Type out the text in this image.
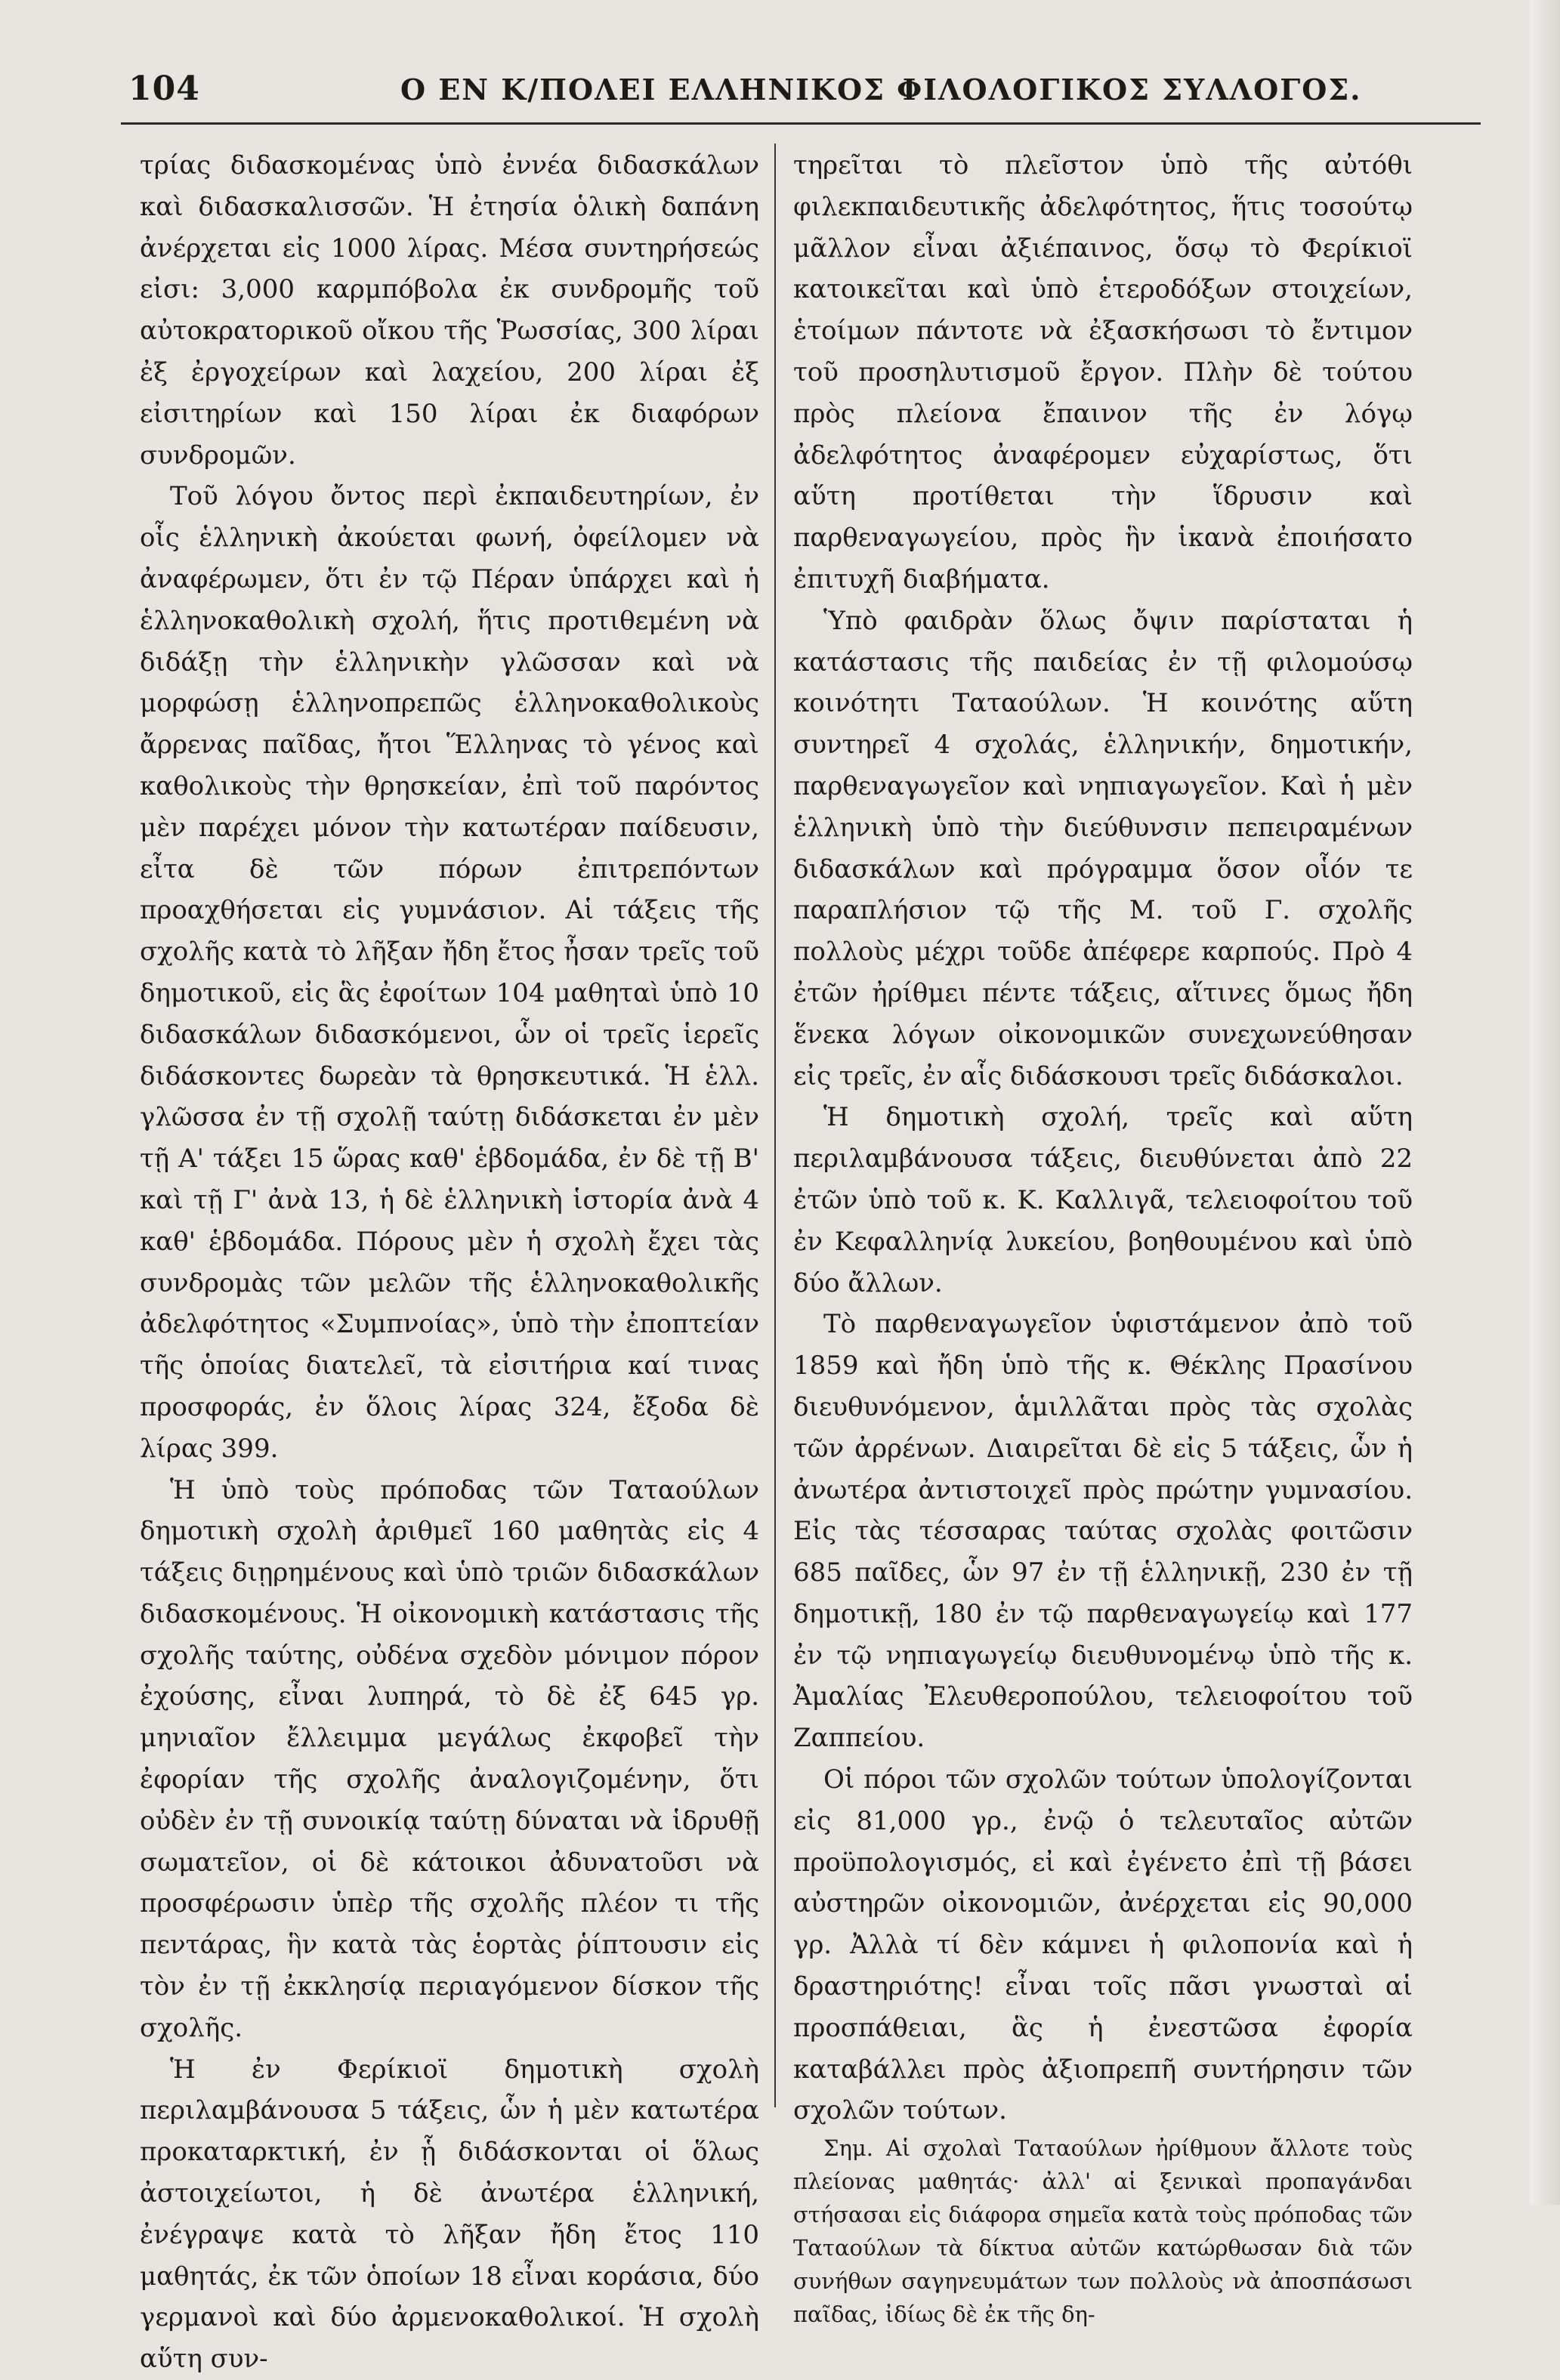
104	Ο ΕΝ Κ/ΠΟΛΕΙ ΕΛΛΗΝΙΚΟΣ ΦΙΛΟΛΟΓΙΚΟΣ ΣΥΛΛΟΓΟΣ.

τρίας διδασκομένας ὑπὸ ἐννέα διδασκάλων καὶ διδασκαλισσῶν. Ἡ ἐτησία ὁλικὴ δαπάνη ἀνέρχεται εἰς 1000 λίρας. Μέσα συντηρήσεώς εἰσι: 3,000 καρμπόβολα ἐκ συνδρομῆς τοῦ αὐτοκρατορικοῦ οἴκου τῆς Ῥωσσίας, 300 λίραι ἐξ ἐργοχείρων καὶ λαχείου, 200 λίραι ἐξ εἰσιτηρίων καὶ 150 λίραι ἐκ διαφόρων συνδρομῶν.

Τοῦ λόγου ὄντος περὶ ἐκπαιδευτηρίων, ἐν οἷς ἑλληνικὴ ἀκούεται φωνή, ὀφείλομεν νὰ ἀναφέρωμεν, ὅτι ἐν τῷ Πέραν ὑπάρχει καὶ ἡ ἑλληνοκαθολικὴ σχολή, ἥτις προτιθεμένη νὰ διδάξῃ τὴν ἑλληνικὴν γλῶσσαν καὶ νὰ μορφώσῃ ἑλληνοπρεπῶς ἑλληνοκαθολικοὺς ἄρρενας παῖδας, ἤτοι Ἕλληνας τὸ γένος καὶ καθολικοὺς τὴν θρησκείαν, ἐπὶ τοῦ παρόντος μὲν παρέχει μόνον τὴν κατωτέραν παίδευσιν, εἶτα δὲ τῶν πόρων ἐπιτρεπόντων προαχθήσεται εἰς γυμνάσιον. Αἱ τάξεις τῆς σχολῆς κατὰ τὸ λῆξαν ἤδη ἔτος ἦσαν τρεῖς τοῦ δημοτικοῦ, εἰς ἃς ἐφοίτων 104 μαθηταὶ ὑπὸ 10 διδασκάλων διδασκόμενοι, ὧν οἱ τρεῖς ἱερεῖς διδάσκοντες δωρεὰν τὰ θρησκευτικά. Ἡ ἑλλ. γλῶσσα ἐν τῇ σχολῇ ταύτῃ διδάσκεται ἐν μὲν τῇ Α' τάξει 15 ὥρας καθ' ἑβδομάδα, ἐν δὲ τῇ Β' καὶ τῇ Γ' ἀνὰ 13, ἡ δὲ ἑλληνικὴ ἱστορία ἀνὰ 4 καθ' ἑβδομάδα. Πόρους μὲν ἡ σχολὴ ἔχει τὰς συνδρομὰς τῶν μελῶν τῆς ἑλληνοκαθολικῆς ἀδελφότητος «Συμπνοίας», ὑπὸ τὴν ἐποπτείαν τῆς ὁποίας διατελεῖ, τὰ εἰσιτήρια καί τινας προσφοράς, ἐν ὅλοις λίρας 324, ἔξοδα δὲ λίρας 399.

Ἡ ὑπὸ τοὺς πρόποδας τῶν Ταταούλων δημοτικὴ σχολὴ ἀριθμεῖ 160 μαθητὰς εἰς 4 τάξεις διῃρημένους καὶ ὑπὸ τριῶν διδασκάλων διδασκομένους. Ἡ οἰκονομικὴ κατάστασις τῆς σχολῆς ταύτης, οὐδένα σχεδὸν μόνιμον πόρον ἐχούσης, εἶναι λυπηρά, τὸ δὲ ἐξ 645 γρ. μηνιαῖον ἔλλειμμα μεγάλως ἐκφοβεῖ τὴν ἐφορίαν τῆς σχολῆς ἀναλογιζομένην, ὅτι οὐδὲν ἐν τῇ συνοικίᾳ ταύτῃ δύναται νὰ ἱδρυθῇ σωματεῖον, οἱ δὲ κάτοικοι ἀδυνατοῦσι νὰ προσφέρωσιν ὑπὲρ τῆς σχολῆς πλέον τι τῆς πεντάρας, ἣν κατὰ τὰς ἑορτὰς ῥίπτουσιν εἰς τὸν ἐν τῇ ἐκκλησίᾳ περιαγόμενον δίσκον τῆς σχολῆς.

Ἡ ἐν Φερίκιοϊ δημοτικὴ σχολὴ περιλαμβάνουσα 5 τάξεις, ὧν ἡ μὲν κατωτέρα προκαταρκτική, ἐν ᾗ διδάσκονται οἱ ὅλως ἀστοιχείωτοι, ἡ δὲ ἀνωτέρα ἑλληνική, ἐνέγραψε κατὰ τὸ λῆξαν ἤδη ἔτος 110 μαθητάς, ἐκ τῶν ὁποίων 18 εἶναι κοράσια, δύο γερμανοὶ καὶ δύο ἀρμενοκαθολικοί. Ἡ σχολὴ αὕτη συν-

τηρεῖται τὸ πλεῖστον ὑπὸ τῆς αὐτόθι φιλεκπαιδευτικῆς ἀδελφότητος, ἥτις τοσούτῳ μᾶλλον εἶναι ἀξιέπαινος, ὅσῳ τὸ Φερίκιοϊ κατοικεῖται καὶ ὑπὸ ἑτεροδόξων στοιχείων, ἑτοίμων πάντοτε νὰ ἐξασκήσωσι τὸ ἔντιμον τοῦ προσηλυτισμοῦ ἔργον. Πλὴν δὲ τούτου πρὸς πλείονα ἔπαινον τῆς ἐν λόγῳ ἀδελφότητος ἀναφέρομεν εὐχαρίστως, ὅτι αὕτη προτίθεται τὴν ἵδρυσιν καὶ παρθεναγωγείου, πρὸς ἣν ἱκανὰ ἐποιήσατο ἐπιτυχῆ διαβήματα.

Ὑπὸ φαιδρὰν ὅλως ὄψιν παρίσταται ἡ κατάστασις τῆς παιδείας ἐν τῇ φιλομούσῳ κοινότητι Ταταούλων. Ἡ κοινότης αὕτη συντηρεῖ 4 σχολάς, ἑλληνικήν, δημοτικήν, παρθεναγωγεῖον καὶ νηπιαγωγεῖον. Καὶ ἡ μὲν ἑλληνικὴ ὑπὸ τὴν διεύθυνσιν πεπειραμένων διδασκάλων καὶ πρόγραμμα ὅσον οἷόν τε παραπλήσιον τῷ τῆς Μ. τοῦ Γ. σχολῆς πολλοὺς μέχρι τοῦδε ἀπέφερε καρπούς. Πρὸ 4 ἐτῶν ἠρίθμει πέντε τάξεις, αἵτινες ὅμως ἤδη ἕνεκα λόγων οἰκονομικῶν συνεχωνεύθησαν εἰς τρεῖς, ἐν αἷς διδάσκουσι τρεῖς διδάσκαλοι.

Ἡ δημοτικὴ σχολή, τρεῖς καὶ αὕτη περιλαμβάνουσα τάξεις, διευθύνεται ἀπὸ 22 ἐτῶν ὑπὸ τοῦ κ. Κ. Καλλιγᾶ, τελειοφοίτου τοῦ ἐν Κεφαλληνίᾳ λυκείου, βοηθουμένου καὶ ὑπὸ δύο ἄλλων.

Τὸ παρθεναγωγεῖον ὑφιστάμενον ἀπὸ τοῦ 1859 καὶ ἤδη ὑπὸ τῆς κ. Θέκλης Πρασίνου διευθυνόμενον, ἁμιλλᾶται πρὸς τὰς σχολὰς τῶν ἀρρένων. Διαιρεῖται δὲ εἰς 5 τάξεις, ὧν ἡ ἀνωτέρα ἀντιστοιχεῖ πρὸς πρώτην γυμνασίου. Εἰς τὰς τέσσαρας ταύτας σχολὰς φοιτῶσιν 685 παῖδες, ὧν 97 ἐν τῇ ἑλληνικῇ, 230 ἐν τῇ δημοτικῇ, 180 ἐν τῷ παρθεναγωγείῳ καὶ 177 ἐν τῷ νηπιαγωγείῳ διευθυνομένῳ ὑπὸ τῆς κ. Ἀμαλίας Ἐλευθεροπούλου, τελειοφοίτου τοῦ Ζαππείου.

Οἱ πόροι τῶν σχολῶν τούτων ὑπολογίζονται εἰς 81,000 γρ., ἐνῷ ὁ τελευταῖος αὐτῶν προϋπολογισμός, εἰ καὶ ἐγένετο ἐπὶ τῇ βάσει αὐστηρῶν οἰκονομιῶν, ἀνέρχεται εἰς 90,000 γρ. Ἀλλὰ τί δὲν κάμνει ἡ φιλοπονία καὶ ἡ δραστηριότης! εἶναι τοῖς πᾶσι γνωσταὶ αἱ προσπάθειαι, ἃς ἡ ἐνεστῶσα ἐφορία καταβάλλει πρὸς ἀξιοπρεπῆ συντήρησιν τῶν σχολῶν τούτων.

Σημ. Αἱ σχολαὶ Ταταούλων ἠρίθμουν ἄλλοτε τοὺς πλείονας μαθητάς· ἀλλ' αἱ ξενικαὶ προπαγάνδαι στήσασαι εἰς διάφορα σημεῖα κατὰ τοὺς πρόποδας τῶν Ταταούλων τὰ δίκτυα αὐτῶν κατώρθωσαν διὰ τῶν συνήθων σαγηνευμάτων των πολλοὺς νὰ ἀποσπάσωσι παῖδας, ἰδίως δὲ ἐκ τῆς δη-
